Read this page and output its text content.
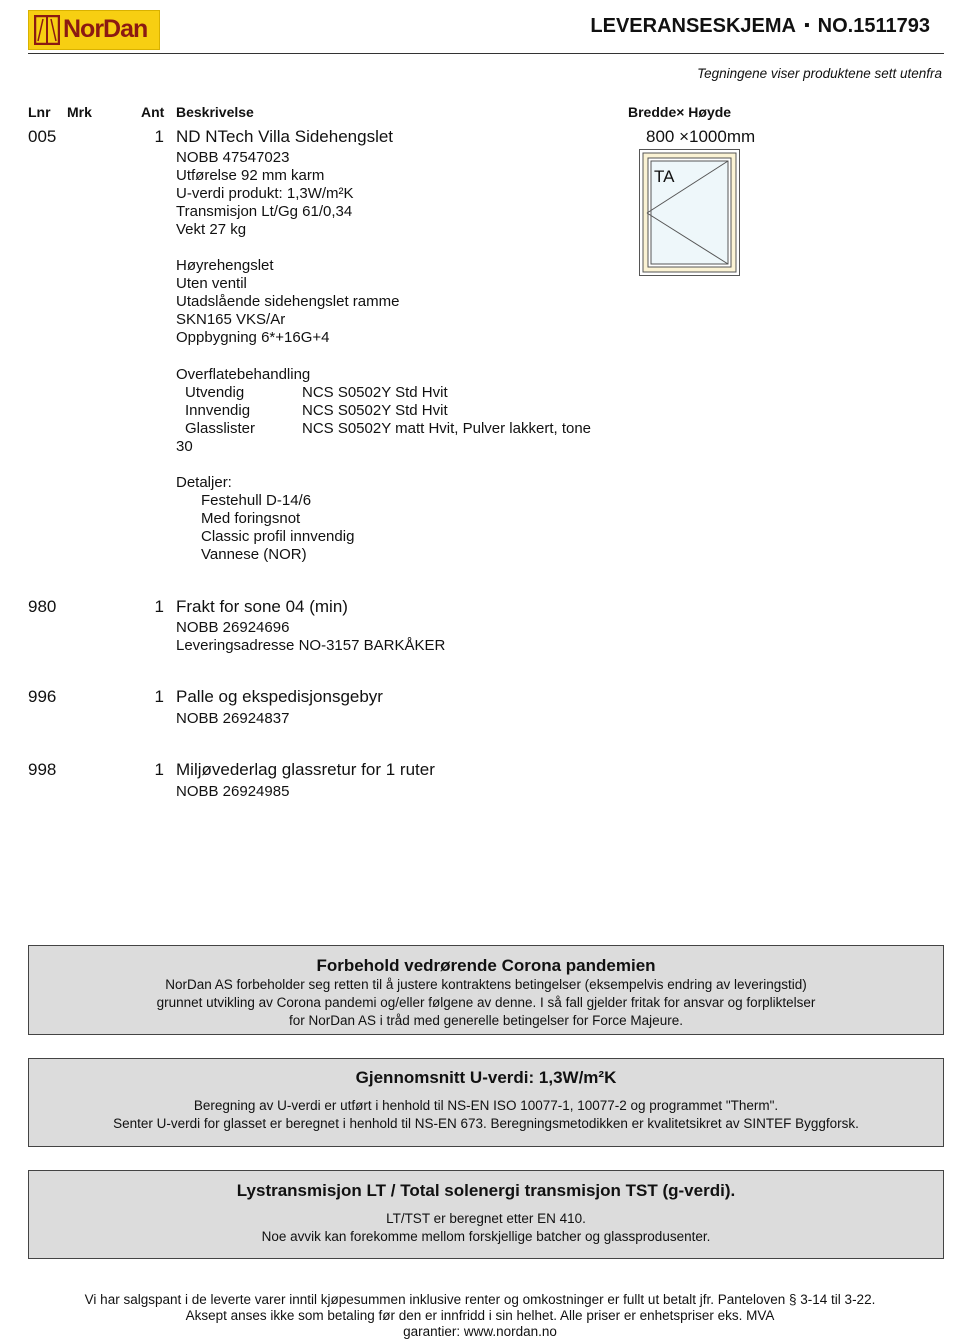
NorDan	LEVERANSESKJEMA ▪ NO.1511793
Tegningene viser produktene sett utenfra
Lnr Mrk	Ant Beskrivelse	Bredde× Høyde
005	1 ND NTech Villa Sidehengslet	800 ×1000mm
NOBB 47547023
Utførelse 92 mm karm
U-verdi produkt: 1,3W/m²K
Transmisjon Lt/Gg 61/0,34
Vekt 27 kg
Høyrehengslet
Uten ventil
Utadslående sidehengslet ramme
SKN165 VKS/Ar
Oppbygning 6*+16G+4
Overflatebehandling
Utvendig	NCS S0502Y Std Hvit
Innvendig	NCS S0502Y Std Hvit
Glasslister	NCS S0502Y matt Hvit, Pulver lakkert, tone
30
Detaljer:
Festehull D-14/6
Med foringsnot
Classic profil innvendig
Vannese (NOR)
TA
980	1 Frakt for sone 04 (min)
NOBB 26924696
Leveringsadresse NO-3157 BARKÅKER
996	1 Palle og ekspedisjonsgebyr
NOBB 26924837
998	1 Miljøvederlag glassretur for 1 ruter
NOBB 26924985
Forbehold vedrørende Corona pandemien
NorDan AS forbeholder seg retten til å justere kontraktens betingelser (eksempelvis endring av leveringstid)
grunnet utvikling av Corona pandemi og/eller følgene av denne. I så fall gjelder fritak for ansvar og forpliktelser
for NorDan AS i tråd med generelle betingelser for Force Majeure.
Gjennomsnitt U-verdi: 1,3W/m²K
Beregning av U-verdi er utført i henhold til NS-EN ISO 10077-1, 10077-2 og programmet "Therm".
Senter U-verdi for glasset er beregnet i henhold til NS-EN 673. Beregningsmetodikken er kvalitetsikret av SINTEF Byggforsk.
Lystransmisjon LT / Total solenergi transmisjon TST (g-verdi).
LT/TST er beregnet etter EN 410.
Noe avvik kan forekomme mellom forskjellige batcher og glassprodusenter.
Vi har salgspant i de leverte varer inntil kjøpesummen inklusive renter og omkostninger er fullt ut betalt jfr. Panteloven § 3-14 til 3-22.
Aksept anses ikke som betaling før den er innfridd i sin helhet. Alle priser er enhetspriser eks. MVA
garantier: www.nordan.no
